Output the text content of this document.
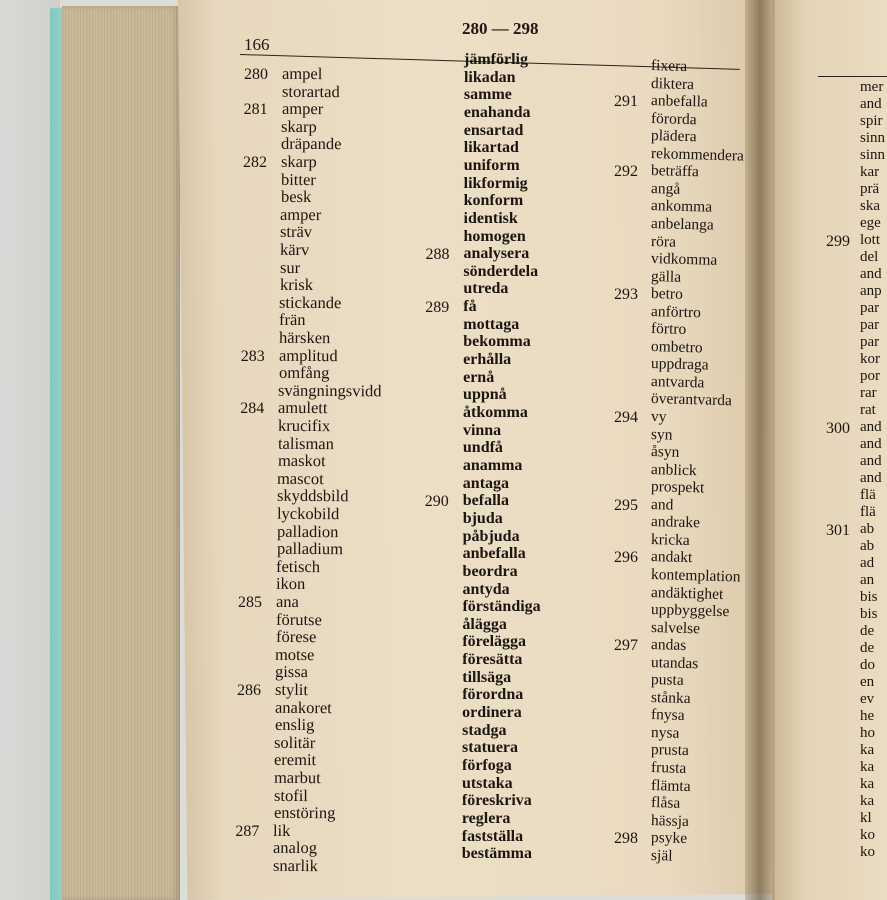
166
280 — 298
280 ampel
storartad
281 amper
skarp
dräpande
282 skarp
bitter
besk
amper
sträv
kärv
sur
krisk
stickande
frän
härsken
283 amplitud
omfång
svängningsvidd
284 amulett
krucifix
talisman
maskot
mascot
skyddsbild
lyckobild
palladion
palladium
fetisch
ikon
285 ana
förutse
förese
motse
gissa
286 stylit
anakoret
enslig
solitär
eremit
marbut
stofil
enstöring
287 lik
analog
snarlik
jämförlig
likadan
samme
enahanda
ensartad
likartad
uniform
likformig
konform
identisk
homogen
288 analysera
sönderdela
utreda
289 få
mottaga
bekomma
erhålla
ernå
uppnå
åtkomma
vinna
undfå
anamma
antaga
290 befalla
bjuda
påbjuda
anbefalla
beordra
antyda
förständiga
ålägga
förelägga
föresätta
tillsäga
förordna
ordinera
stadga
statuera
förfoga
utstaka
föreskriva
reglera
fastställa
bestämma
fixera
diktera
291 anbefalla
förorda
plädera
rekommendera
292 beträffa
angå
ankomma
anbelanga
röra
vidkomma
gälla
293 betro
anförtro
förtro
ombetro
uppdraga
antvarda
överantvarda
294 vy
syn
åsyn
anblick
prospekt
295 and
andrake
kricka
296 andakt
kontemplation
andäktighet
uppbyggelse
salvelse
297 andas
utandas
pusta
stånka
fnysa
nysa
prusta
frusta
flämta
flåsa
hässja
298 psyke
själ
mer
and
spir
sinn
sinn
kar
prä
ska
ege
299 lott
del
and
anp
par
par
par
kor
por
rar
rat
300 and
and
and
and
flä
flä
301 ab
ab
ad
an
bis
bis
de
de
do
en
ev
he
ho
ka
ka
ka
ka
kl
ko
ko
